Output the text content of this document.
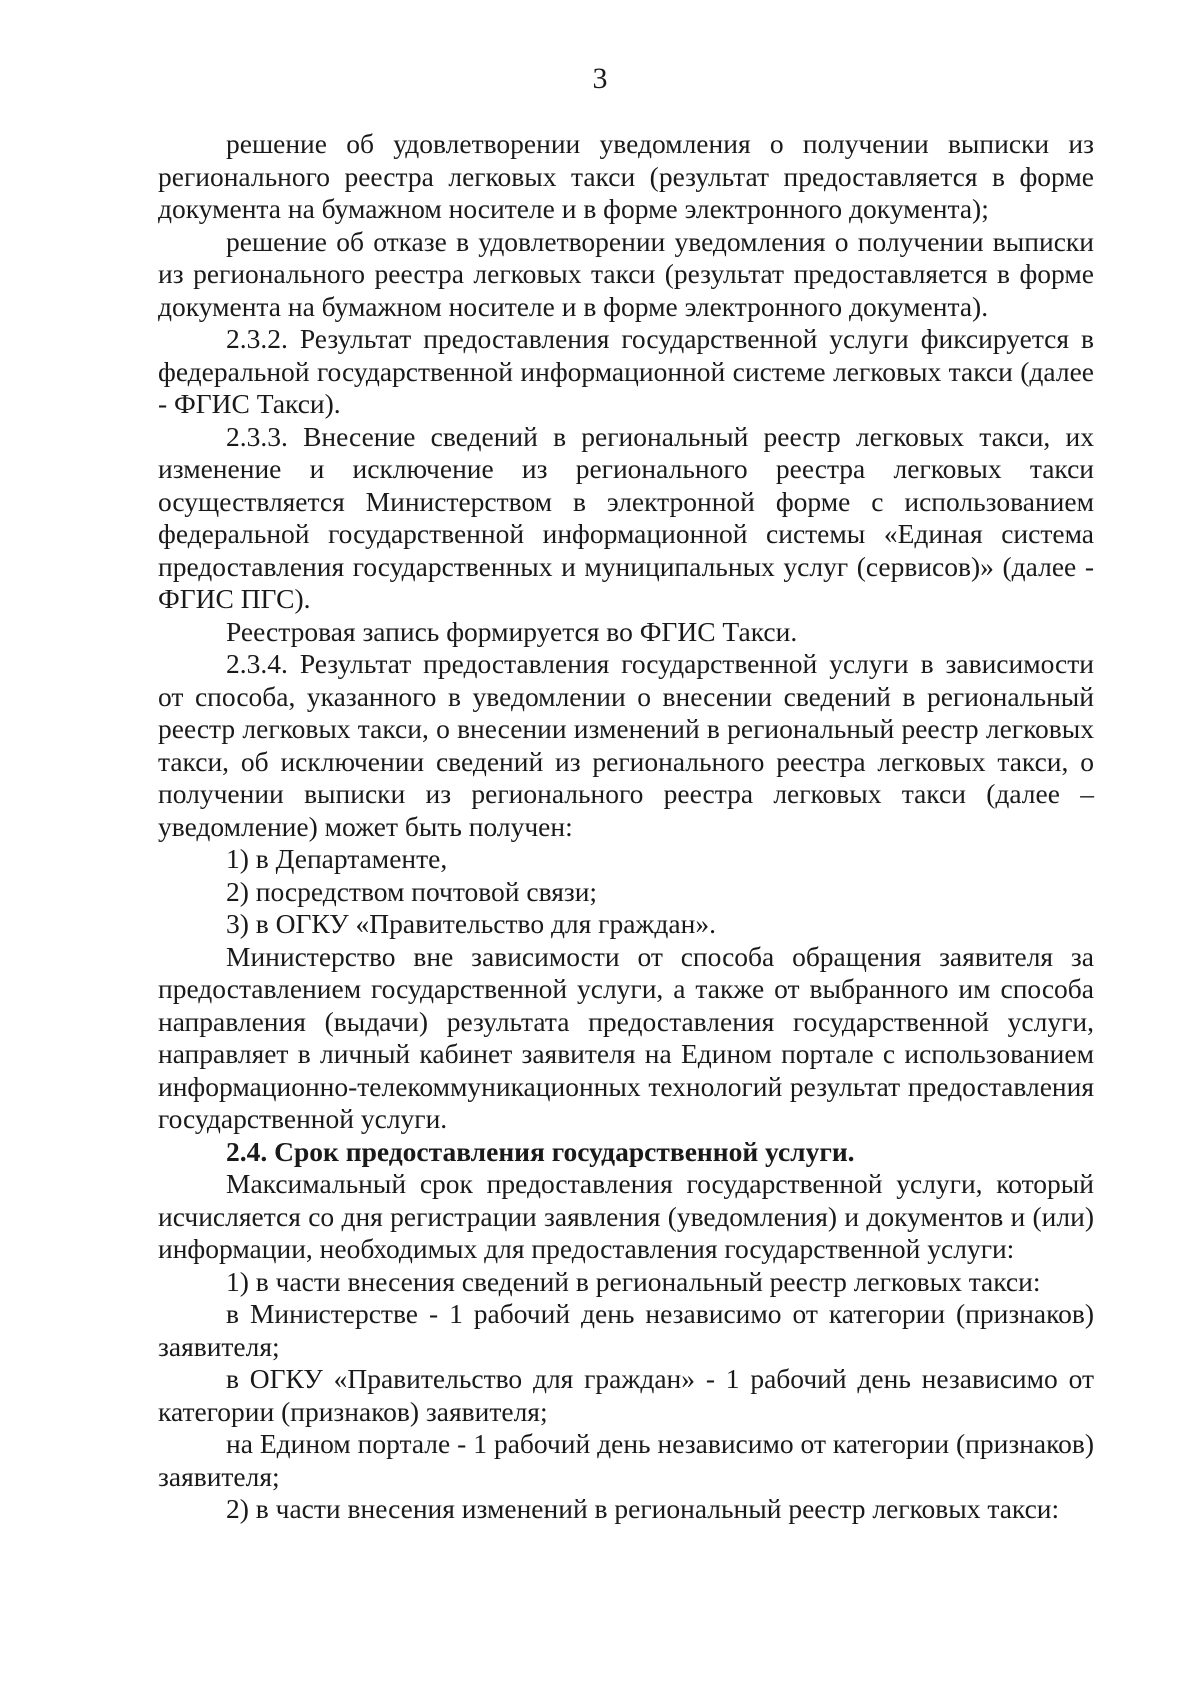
3

решение об удовлетворении уведомления о получении выписки из регионального реестра легковых такси (результат предоставляется в форме документа на бумажном носителе и в форме электронного документа);

решение об отказе в удовлетворении уведомления о получении выписки из регионального реестра легковых такси (результат предоставляется в форме документа на бумажном носителе и в форме электронного документа).

2.3.2. Результат предоставления государственной услуги фиксируется в федеральной государственной информационной системе легковых такси (далее - ФГИС Такси).

2.3.3. Внесение сведений в региональный реестр легковых такси, их изменение и исключение из регионального реестра легковых такси осуществляется Министерством в электронной форме с использованием федеральной государственной информационной системы «Единая система предоставления государственных и муниципальных услуг (сервисов)» (далее - ФГИС ПГС).

Реестровая запись формируется во ФГИС Такси.

2.3.4. Результат предоставления государственной услуги в зависимости от способа, указанного в уведомлении о внесении сведений в региональный реестр легковых такси, о внесении изменений в региональный реестр легковых такси, об исключении сведений из регионального реестра легковых такси, о получении выписки из регионального реестра легковых такси (далее –уведомление) может быть получен:

1) в Департаменте,

2) посредством почтовой связи;

3) в ОГКУ «Правительство для граждан».

Министерство вне зависимости от способа обращения заявителя за предоставлением государственной услуги, а также от выбранного им способа направления (выдачи) результата предоставления государственной услуги, направляет в личный кабинет заявителя на Едином портале с использованием информационно-телекоммуникационных технологий результат предоставления государственной услуги.

2.4. Срок предоставления государственной услуги.

Максимальный срок предоставления государственной услуги, который исчисляется со дня регистрации заявления (уведомления) и документов и (или) информации, необходимых для предоставления государственной услуги:

1) в части внесения сведений в региональный реестр легковых такси:

в Министерстве - 1 рабочий день независимо от категории (признаков) заявителя;

в ОГКУ «Правительство для граждан» - 1 рабочий день независимо от категории (признаков) заявителя;

на Едином портале - 1 рабочий день независимо от категории (признаков) заявителя;

2) в части внесения изменений в региональный реестр легковых такси:
